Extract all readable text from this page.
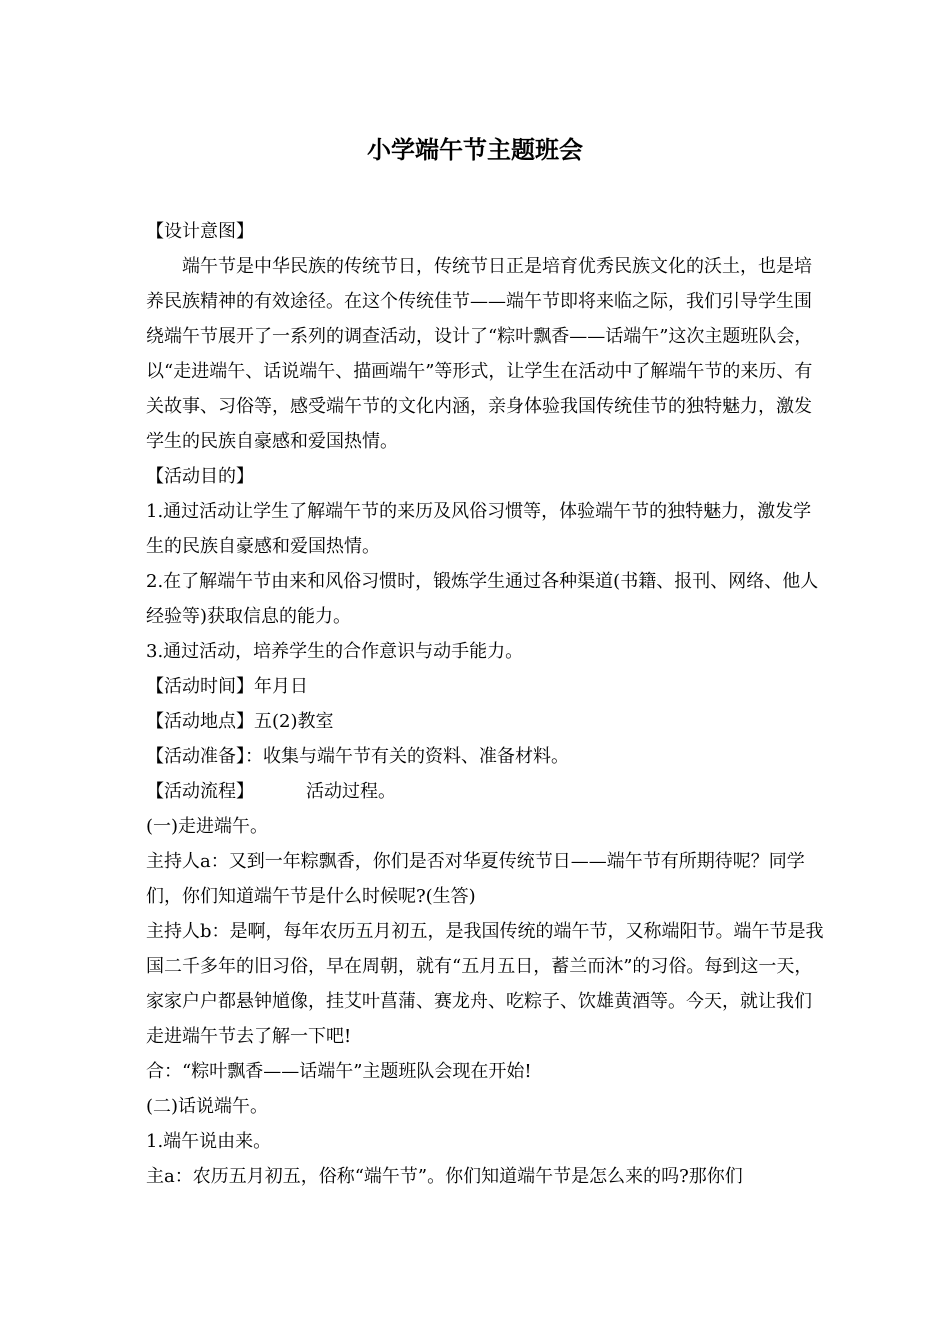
小学端午节主题班会

【设计意图】

端午节是中华民族的传统节日，传统节日正是培育优秀民族文化的沃土，也是培养民族精神的有效途径。在这个传统佳节——端午节即将来临之际，我们引导学生围绕端午节展开了一系列的调查活动，设计了“粽叶飘香——话端午”这次主题班队会，以“走进端午、话说端午、描画端午”等形式，让学生在活动中了解端午节的来历、有关故事、习俗等，感受端午节的文化内涵，亲身体验我国传统佳节的独特魅力，激发学生的民族自豪感和爱国热情。

【活动目的】

1.通过活动让学生了解端午节的来历及风俗习惯等，体验端午节的独特魅力，激发学生的民族自豪感和爱国热情。

2.在了解端午节由来和风俗习惯时，锻炼学生通过各种渠道(书籍、报刊、网络、他人经验等)获取信息的能力。

3.通过活动，培养学生的合作意识与动手能力。

【活动时间】年月日

【活动地点】五(2)教室

【活动准备】：收集与端午节有关的资料、准备材料。

【活动流程】	活动过程。

(一)走进端午。

主持人a：又到一年粽飘香，你们是否对华夏传统节日——端午节有所期待呢？同学们，你们知道端午节是什么时候呢?(生答)

主持人b：是啊，每年农历五月初五，是我国传统的端午节，又称端阳节。端午节是我国二千多年的旧习俗，早在周朝，就有“五月五日，蓄兰而沐”的习俗。每到这一天，家家户户都悬钟馗像，挂艾叶菖蒲、赛龙舟、吃粽子、饮雄黄酒等。今天，就让我们走进端午节去了解一下吧!

合：“粽叶飘香——话端午”主题班队会现在开始!

(二)话说端午。

1.端午说由来。

主a：农历五月初五，俗称“端午节”。你们知道端午节是怎么来的吗?那你们
